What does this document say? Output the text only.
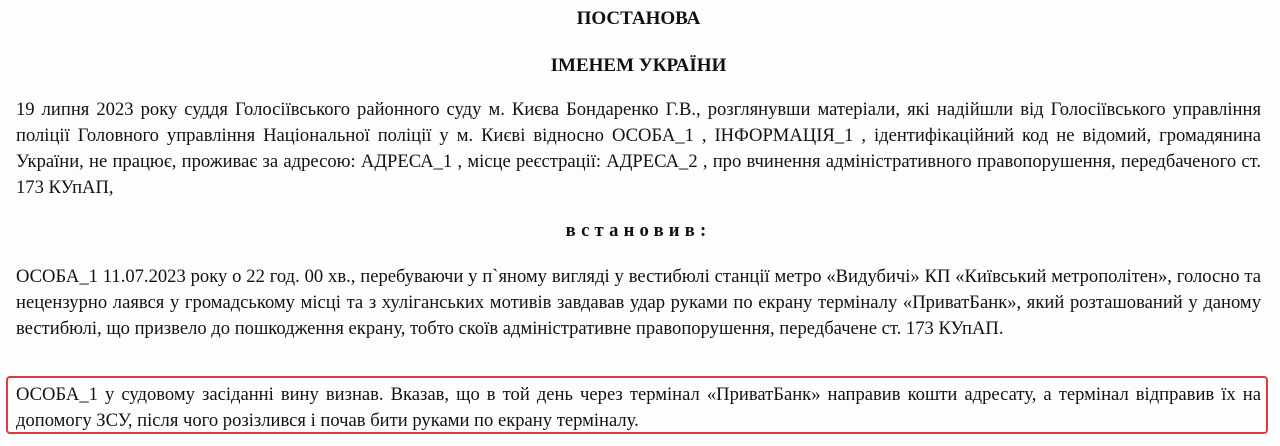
ПОСТАНОВА
ІМЕНЕМ УКРАЇНИ

19 липня 2023 року суддя Голосіївського районного суду м. Києва Бондаренко Г.В., розглянувши матеріали, які надійшли від Голосіївського управління поліції Головного управління Національної поліції у м. Києві відносно ОСОБА_1 , ІНФОРМАЦІЯ_1 , ідентифікаційний код не відомий, громадянина України, не працює, проживає за адресою: АДРЕСА_1 , місце реєстрації: АДРЕСА_2 , про вчинення адміністративного правопорушення, передбаченого ст. 173 КУпАП,

встановив:

ОСОБА_1 11.07.2023 року о 22 год. 00 хв., перебуваючи у п`яному вигляді у вестибюлі станції метро «Видубичі» КП «Київський метрополітен», голосно та нецензурно лаявся у громадському місці та з хуліганських мотивів завдавав удар руками по екрану терміналу «ПриватБанк», який розташований у даному вестибюлі, що призвело до пошкодження екрану, тобто скоїв адміністративне правопорушення, передбачене ст. 173 КУпАП.

ОСОБА_1 у судовому засіданні вину визнав. Вказав, що в той день через термінал «ПриватБанк» направив кошти адресату, а термінал відправив їх на допомогу ЗСУ, після чого розізлився і почав бити руками по екрану терміналу.
